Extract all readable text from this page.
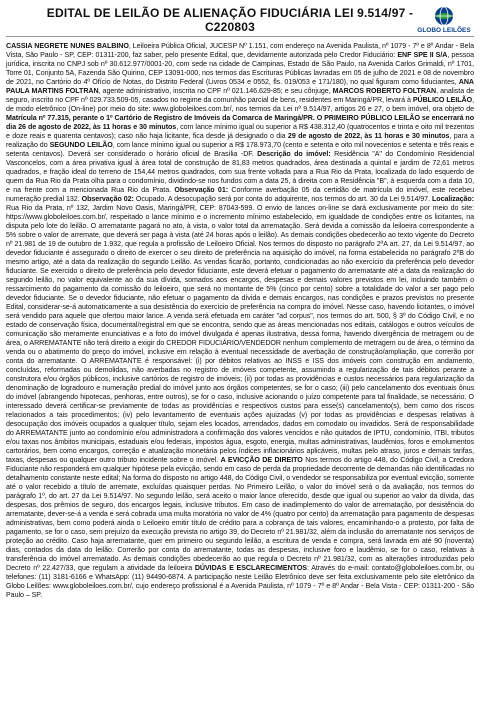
EDITAL DE LEILÃO DE ALIENAÇÃO FIDUCIÁRIA LEI 9.514/97 - C220803	GLOBO LEILÕES
CASSIA NEGRETE NUNES BALBINO, Leiloeira Pública Oficial, JUCESP Nº 1.151, com endereço na Avenida Paulista, nº 1079 - 7º e 8º Andar - Bela Vista, São Paulo - SP, CEP: 01311-200, faz saber, pelo presente Edital, que, devidamente autorizada pelo Credor Fiduciário: ENF SPE II S/A, pessoa jurídica, inscrita no CNPJ sob nº 30.612.977/0001-20, com sede na cidade de Campinas, Estado de São Paulo, na Avenida Carlos Grimaldi, nº 1701, Torre 01, Conjunto 5A, Fazenda São Quirino, CEP 13091-000, nos termos das Escrituras Públicas lavradas em 05 de julho de 2021 e 08 de novembro de 2021, no Cartório do 4º Ofício de Notas, do Distrito Federal (Livros 0534 e 0552, fls. 019/053 e 171/180), no qual figuram como fiduciantes, ANA PAULA MARTINS FOLTRAN, agente administrativo, inscrita no CPF nº 021.146.629-85; e seu cônjuge, MARCOS ROBERTO FOLTRAN, analista de seguro, inscrito no CPF nº 029.733.509-05, casados no regime da comunhão parcial de bens, residentes em Maringá/PR, levará à PÚBLICO LEILÃO, de modo eletrônico (On-line) por meio do site: www.globoleiloes.com.br/, nos termos da Lei nº 9.514/97, artigos 26 e 27, o bem imóvel, ora objeto de Matrícula nº 77.315, perante o 1º Cartório de Registro de Imóveis da Comarca de Maringá/PR. O PRIMEIRO PÚBLICO LEILÃO se encerrará no dia 26 de agosto de 2022, às 11 horas e 30 minutos, com lance mínimo igual ou superior a R$ 438.312,40 (quatrocentos e trinta e oito mil trezentos e doze reais e quarenta centavos); caso não haja licitante, fica desde já designado o dia 29 de agosto de 2022, às 11 horas e 30 minutos, para a realização do SEGUNDO LEILÃO, com lance mínimo igual ou superior a R$ 178.973,70 (cento e setenta e oito mil novecentos e setenta e três reais e setenta centavos). Deverá ser considerado o horário oficial de Brasília -DF. Descrição do imóvel: Residência "A" do Condomínio Residencial Vasconcelos, com a área privativa igual à área total de construção de 81,83 metros quadrados, área destinada a quintal e jardim de 72,61 metros quadrados, e fração ideal do terreno de 154,44 metros quadrados, com sua frente voltada para a Rua Rio da Prata, localizada do lado esquerdo de quem da Rua Rio da Prata olha para o condomínio, dividindo-se nos fundos com a data 25, à direita com a Residência "B", à esquerda com a data 10, e na frente com a mencionada Rua Rio da Prata. Observação 01: Conforme averbação 05 da certidão de matrícula do imóvel, este recebeu numeração predial 132. Observação 02: Ocupado. A desocupação será por conta do adquirente, nos termos do art. 30 da Lei 9.514/97. Localização: Rua Rio da Prata, nº 132, Jardim Novo Oasis, Maringá/PR, CEP: 87043-599. O envio de lances on-line se dará exclusivamente por meio do site: https://www.globoleiloes.com.br/, respeitado o lance mínimo e o incremento mínimo estabelecido, em igualdade de condições entre os licitantes, na disputa pelo lote do leilão. O arrematante pagará no ato, à vista, o valor total da arrematação. Será devida a comissão da leiloeira correspondente a 5% sobre o valor de arremate, que deverá ser paga à vista (até 24 horas após o leilão). As demais condições obedecerão ao texto vigente do Decreto nº 21.981 de 19 de outubro de 1.932, que regula a profissão de Leiloeiro Oficial. Nos termos do disposto no parágrafo 2ºA art. 27, da Lei 9.514/97, ao devedor fiduciante é assegurado o direito de exercer o seu direito de preferência na aquisição do imóvel, na forma estabelecida no parágrafo 2ºB do mesmo artigo, até a data da realização do segundo Leilão. As vendas ficarão, portanto, condicionadas ao não exercício da preferência pelo devedor fiduciante. Se exercido o direito de preferência pelo devedor fiduciante, este deverá efetuar o pagamento do arrematante até a data da realização do segundo leilão, no valor equivalente ao da sua dívida, somados aos encargos, despesas e demais valores previstos em lei, incluindo também o ressarcimento do pagamento da comissão do leiloeiro, que será no montante de 5% (cinco por cento) sobre a totalidade do valor a ser pago pelo devedor fiduciante. Se o devedor fiduciante, não efetuar o pagamento da dívida e demais encargos, nas condições e prazos previstos no presente Edital, considerar-se-á automaticamente a sua desistência do exercício de preferência na compra do imóvel. Nesse caso, havendo licitantes, o imóvel será vendido para aquele que ofertou maior lance. A venda será efetuada em caráter "ad corpus", nos termos do art. 500, § 3º do Código Civil, e no estado de conservação física, documental/registral em que se encontra, sendo que as áreas mencionadas nos editais, catálogos e outros veículos de comunicação são meramente enunciativas e a foto do imóvel divulgada é apenas ilustrativa, dessa forma, havendo divergência de metragem ou de área, o ARREMATANTE não terá direito a exigir do CREDOR FIDUCIÁRIO/VENDEDOR nenhum complemento de metragem ou de área, o término da venda ou o abatimento do preço do imóvel, inclusive em relação à eventual necessidade de averbação de construção/ampliação, que correrão por conta do arrematante. O ARREMATANTE é responsável: (i) por débitos relativos ao INSS e ISS dos imóveis com construção em andamento, concluídas, reformadas ou demolidas, não averbadas no registro de imóveis competente, assumindo a regularização de tais débitos perante a construtora e/ou órgãos públicos, inclusive cartórios de registro de imóveis; (ii) por todas as providências e custos necessários para regularização da denominação de logradouro e numeração predial do imóvel junto aos órgãos competentes, se for o caso; (iii) pelo cancelamento dos eventuais ônus do imóvel (abrangendo hipotecas, penhoras, entre outros), se for o caso, inclusive acionando o juízo competente para tal finalidade, se necessário. O interessado deverá certificar-se previamente de todas as providências e respectivos custos para esse(s) cancelamento(s), bem como dos riscos relacionados a tais procedimentos; (iv) pelo levantamento de eventuais ações ajuizadas (v) por todas as providências e despesas relativas à desocupação dos imóveis ocupados a qualquer título, sejam eles locados, arrendados, dados em comodato ou invadidos. Será de responsabilidade do ARREMATANTE junto ao condomínio e/ou administradora a confirmação dos valores vencidos e não quitados de IPTU, condomínio, ITBI, tributos e/ou taxas nos âmbitos municipais, estaduais e/ou federais, impostos água, esgoto, energia, multas administrativas, laudêmios, foros e emolumentos cartorários, bem como encargos, correção e atualização monetária pelos índices inflacionários aplicáveis, multas pelo atraso, juros e demais tarifas, taxas, despesas ou qualquer outro tributo incidente sobre o imóvel. A EVICÇÃO DE DIREITO Nos termos do artigo 448, do Código Civil, a Credora Fiduciante não responderá em qualquer hipótese pela evicção, sendo em caso de perda da propriedade decorrente de demandas não identificadas no detalhamento constante neste edital; Na forma do disposto no artigo 448, do Código Civil, o vendedor se responsabiliza por eventual evicção, somente até o valor recebido a título de arremate, excluídas quaisquer perdas. No Primeiro Leilão, o valor do imóvel será o da avaliação, nos termos do parágrafo 1º, do art. 27 da Lei 9.514/97. No segundo leilão, será aceito o maior lance oferecido, desde que igual ou superior ao valor da dívida, das despesas, dos prêmios de seguro, dos encargos legais, inclusive tributos. Em caso de inadimplemento do valor de arrematação, por desistência do arrematante, dever-se-á a venda e será cobrada uma multa moratória no valor de 4% (quatro por cento) da arrematação para pagamento de despesas administrativas, bem como poderá ainda o Leiloeiro emitir título de crédito para a cobrança de tais valores, encaminhando-o a protesto, por falta de pagamento, se for o caso, sem prejuízo da execução prevista no artigo 39, do Decreto nº 21.981/32, além da inclusão do arrematante nos serviços de proteção ao crédito. Caso haja arrematante, quer em primeiro ou segundo leilão, a escritura de venda e compra, será lavrada em até 90 (noventa) dias, contados da data do leilão. Correrão por conta do arrematante, todas as despesas, inclusive foro e laudêmio, se for o caso, relativas à transferência do imóvel arrematado. As demais condições obedecerão ao que regula o Decreto nº 21.981/32, com as alterações introduzidas pelo Decreto nº 22.427/33, que regulam a atividade da leiloeira DÚVIDAS E ESCLARECIMENTOS: Através do e-mail: contato@globoleiloes.com.br, ou telefones: (11) 3181-6166 e WhatsApp: (11) 94490-6874. A participação neste Leilão Eletrônico deve ser feita exclusivamente pelo site eletrônico da Globo Leilões: www.globoleiloes.com.br/, cujo endereço profissional é a Avenida Paulista, nº 1079 - 7º e 8º Andar - Bela Vista - CEP: 01311-200 - São Paulo – SP.
